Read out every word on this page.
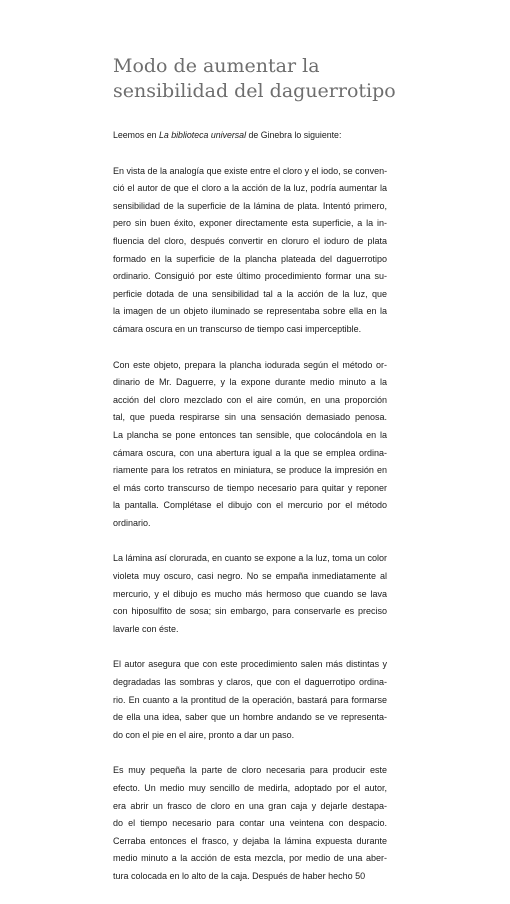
Modo de aumentar la
sensibilidad del daguerrotipo

Leemos en La biblioteca universal de Ginebra lo siguiente:

En vista de la analogía que existe entre el cloro y el iodo, se conven-
ció el autor de que el cloro a la acción de la luz, podría aumentar la
sensibilidad de la superficie de la lámina de plata. Intentó primero,
pero sin buen éxito, exponer directamente esta superficie, a la in-
fluencia del cloro, después convertir en cloruro el ioduro de plata
formado en la superficie de la plancha plateada del daguerrotipo
ordinario. Consiguió por este último procedimiento formar una su-
perficie dotada de una sensibilidad tal a la acción de la luz, que
la imagen de un objeto iluminado se representaba sobre ella en la
cámara oscura en un transcurso de tiempo casi imperceptible.

Con este objeto, prepara la plancha iodurada según el método or-
dinario de Mr. Daguerre, y la expone durante medio minuto a la
acción del cloro mezclado con el aire común, en una proporción
tal, que pueda respirarse sin una sensación demasiado penosa.
La plancha se pone entonces tan sensible, que colocándola en la
cámara oscura, con una abertura igual a la que se emplea ordina-
riamente para los retratos en miniatura, se produce la impresión en
el más corto transcurso de tiempo necesario para quitar y reponer
la pantalla. Complétase el dibujo con el mercurio por el método
ordinario.

La lámina así clorurada, en cuanto se expone a la luz, toma un color
violeta muy oscuro, casi negro. No se empaña inmediatamente al
mercurio, y el dibujo es mucho más hermoso que cuando se lava
con hiposulfito de sosa; sin embargo, para conservarle es preciso
lavarle con éste.

El autor asegura que con este procedimiento salen más distintas y
degradadas las sombras y claros, que con el daguerrotipo ordina-
rio. En cuanto a la prontitud de la operación, bastará para formarse
de ella una idea, saber que un hombre andando se ve representa-
do con el pie en el aire, pronto a dar un paso.

Es muy pequeña la parte de cloro necesaria para producir este
efecto. Un medio muy sencillo de medirla, adoptado por el autor,
era abrir un frasco de cloro en una gran caja y dejarle destapa-
do el tiempo necesario para contar una veintena con despacio.
Cerraba entonces el frasco, y dejaba la lámina expuesta durante
medio minuto a la acción de esta mezcla, por medio de una aber-
tura colocada en lo alto de la caja. Después de haber hecho 50
